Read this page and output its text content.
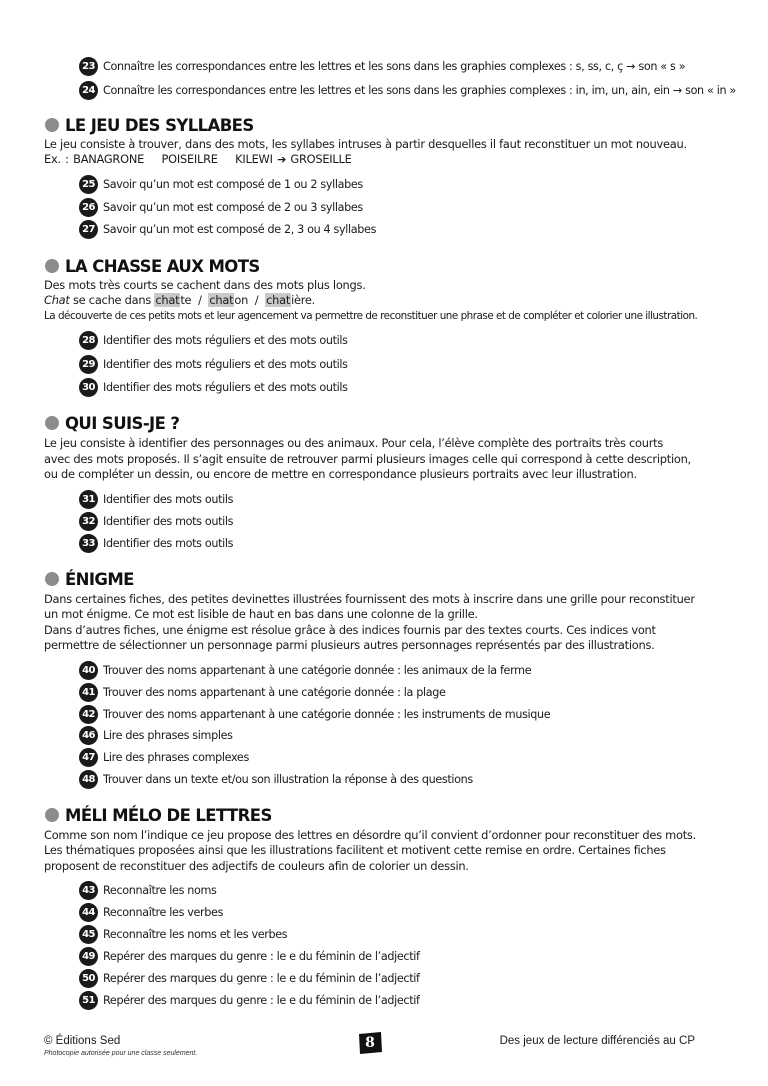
23 Connaître les correspondances entre les lettres et les sons dans les graphies complexes : s, ss, c, ç → son « s »
24 Connaître les correspondances entre les lettres et les sons dans les graphies complexes : in, im, un, ain, ein → son « in »
LE JEU DES SYLLABES
Le jeu consiste à trouver, dans des mots, les syllabes intruses à partir desquelles il faut reconstituer un mot nouveau.
Ex. : BANAGRONE    POISEILRE    KILEWI ➔ GROSEILLE
25 Savoir qu’un mot est composé de 1 ou 2 syllabes
26 Savoir qu’un mot est composé de 2 ou 3 syllabes
27 Savoir qu’un mot est composé de 2, 3 ou 4 syllabes
LA CHASSE AUX MOTS
Des mots très courts se cachent dans des mots plus longs.
Chat se cache dans chatte  /  chaton  /  chatière.
La découverte de ces petits mots et leur agencement va permettre de reconstituer une phrase et de compléter et colorier une illustration.
28 Identifier des mots réguliers et des mots outils
29 Identifier des mots réguliers et des mots outils
30 Identifier des mots réguliers et des mots outils
QUI SUIS-JE ?
Le jeu consiste à identifier des personnages ou des animaux. Pour cela, l’élève complète des portraits très courts
avec des mots proposés. Il s’agit ensuite de retrouver parmi plusieurs images celle qui correspond à cette description,
ou de compléter un dessin, ou encore de mettre en correspondance plusieurs portraits avec leur illustration.
31 Identifier des mots outils
32 Identifier des mots outils
33 Identifier des mots outils
ÉNIGME
Dans certaines fiches, des petites devinettes illustrées fournissent des mots à inscrire dans une grille pour reconstituer
un mot énigme. Ce mot est lisible de haut en bas dans une colonne de la grille.
Dans d’autres fiches, une énigme est résolue grâce à des indices fournis par des textes courts. Ces indices vont
permettre de sélectionner un personnage parmi plusieurs autres personnages représentés par des illustrations.
40 Trouver des noms appartenant à une catégorie donnée : les animaux de la ferme
41 Trouver des noms appartenant à une catégorie donnée : la plage
42 Trouver des noms appartenant à une catégorie donnée : les instruments de musique
46 Lire des phrases simples
47 Lire des phrases complexes
48 Trouver dans un texte et/ou son illustration la réponse à des questions
MÉLI MÉLO DE LETTRES
Comme son nom l’indique ce jeu propose des lettres en désordre qu’il convient d’ordonner pour reconstituer des mots.
Les thématiques proposées ainsi que les illustrations facilitent et motivent cette remise en ordre. Certaines fiches
proposent de reconstituer des adjectifs de couleurs afin de colorier un dessin.
43 Reconnaître les noms
44 Reconnaître les verbes
45 Reconnaître les noms et les verbes
49 Repérer des marques du genre : le e du féminin de l’adjectif
50 Repérer des marques du genre : le e du féminin de l’adjectif
51 Repérer des marques du genre : le e du féminin de l’adjectif
© Éditions Sed
Photocopie autorisée pour une classe seulement.
8	Des jeux de lecture différenciés au CP
